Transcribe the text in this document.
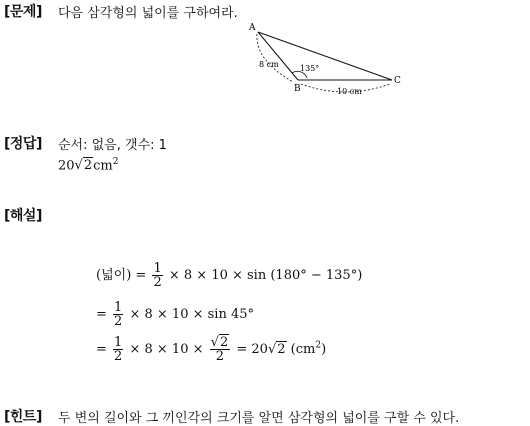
[문제] 다음 삼각형의 넓이를 구하여라.
A
B
C
8 cm
10 cm
135°
[정답] 순서: 없음, 갯수: 1
$20√2cm^2$
[해설]
(넓이) = $\frac{1}{2} \times 8 \times 10 \times \sin (180^\circ - 135^\circ)$
= $\frac{1}{2} \times 8 \times 10 \times \sin 45^\circ$
= $\frac{1}{2} \times 8 \times 10 \times \frac{√2}{2} = 20√2$ $(cm^2)$
[힌트] 두 변의 길이와 그 끼인각의 크기를 알면 삼각형의 넓이를 구할 수 있다.
